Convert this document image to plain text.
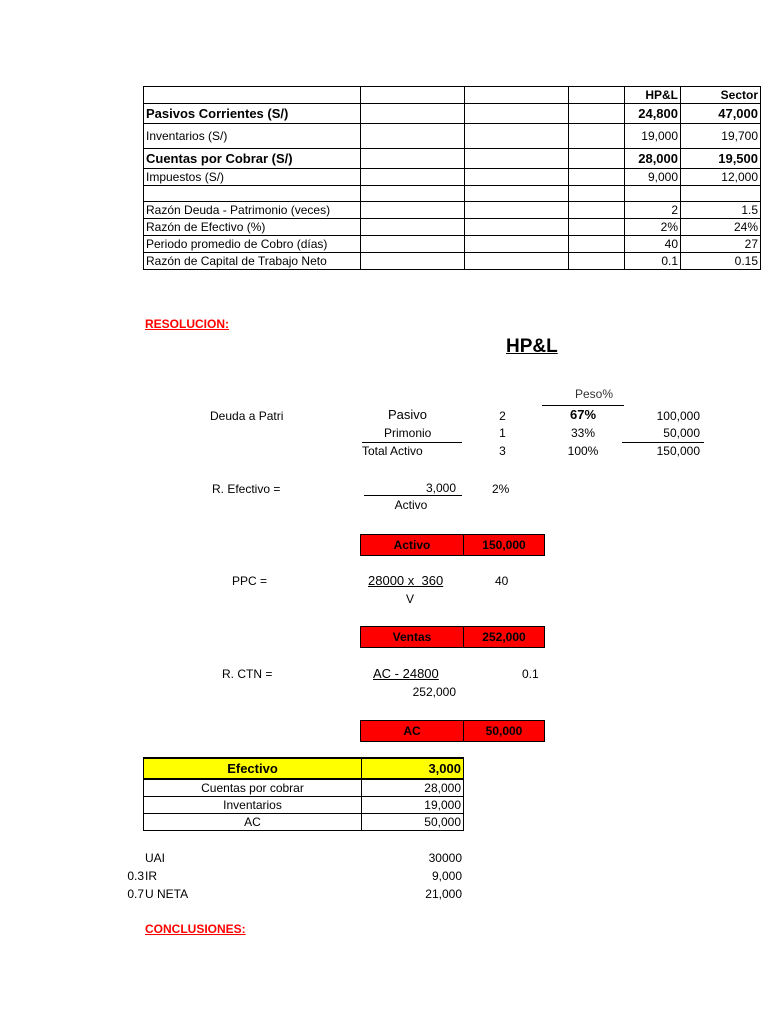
				HP&L	Sector
Pasivos Corrientes (S/)				24,800	47,000
Inventarios (S/)				19,000	19,700
Cuentas por Cobrar (S/)				28,000	19,500
Impuestos (S/)				9,000	12,000

Razón Deuda - Patrimonio (veces)				2	1.5
Razón de Efectivo (%)				2%	24%
Periodo promedio de Cobro (días)				40	27
Razón de Capital de Trabajo Neto				0.1	0.15
RESOLUCION:
HP&L
Peso%
Deuda a Patri	Pasivo	2	67%	100,000
Primonio	1	33%	50,000
Total Activo	3	100%	150,000
R. Efectivo =	3,000
Activo
2%
Activo	150,000
PPC =	28000 x  360
V
40
Ventas	252,000
R. CTN =	AC - 24800
252,000
0.1
AC	50,000
Efectivo	3,000
Cuentas por cobrar	28,000
Inventarios	19,000
AC	50,000
UAI	30000
0.3 IR	9,000
0.7 U NETA	21,000
CONCLUSIONES:
